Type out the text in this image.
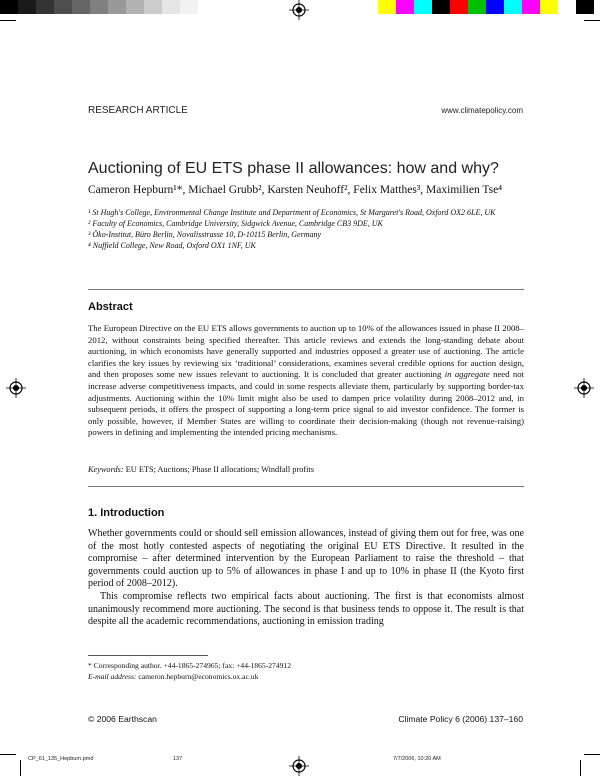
RESEARCH ARTICLE	www.climatepolicy.com
Auctioning of EU ETS phase II allowances: how and why?
Cameron Hepburn¹*, Michael Grubb², Karsten Neuhoff², Felix Matthes³, Maximilien Tse⁴
¹ St Hugh's College, Environmental Change Institute and Department of Economics, St Margaret's Road, Oxford OX2 6LE, UK
² Faculty of Economics, Cambridge University, Sidgwick Avenue, Cambridge CB3 9DE, UK
³ Öko-Institut, Büro Berlin, Novalisstrasse 10, D-10115 Berlin, Germany
⁴ Nuffield College, New Road, Oxford OX1 1NF, UK
Abstract
The European Directive on the EU ETS allows governments to auction up to 10% of the allowances issued in phase II 2008–2012, without constraints being specified thereafter. This article reviews and extends the long-standing debate about auctioning, in which economists have generally supported and industries opposed a greater use of auctioning. The article clarifies the key issues by reviewing six ‘traditional’ considerations, examines several credible options for auction design, and then proposes some new issues relevant to auctioning. It is concluded that greater auctioning in aggregate need not increase adverse competitiveness impacts, and could in some respects alleviate them, particularly by supporting border-tax adjustments. Auctioning within the 10% limit might also be used to dampen price volatility during 2008–2012 and, in subsequent periods, it offers the prospect of supporting a long-term price signal to aid investor confidence. The former is only possible, however, if Member States are willing to coordinate their decision-making (though not revenue-raising) powers in defining and implementing the intended pricing mechanisms.
Keywords: EU ETS; Auctions; Phase II allocations; Windfall profits
1. Introduction

Whether governments could or should sell emission allowances, instead of giving them out for free, was one of the most hotly contested aspects of negotiating the original EU ETS Directive. It resulted in the compromise – after determined intervention by the European Parliament to raise the threshold – that governments could auction up to 5% of allowances in phase I and up to 10% in phase II (the Kyoto first period of 2008–2012).

This compromise reflects two empirical facts about auctioning. The first is that economists almost unanimously recommend more auctioning. The second is that business tends to oppose it. The result is that despite all the academic recommendations, auctioning in emission trading

* Corresponding author. +44-1865-274965; fax: +44-1865-274912
E-mail address: cameron.hepburn@economics.ox.ac.uk
© 2006 Earthscan	Climate Policy 6 (2006) 137–160
CP_61_135_Hepburn.pmd	137	7/7/2006, 10:20 AM
